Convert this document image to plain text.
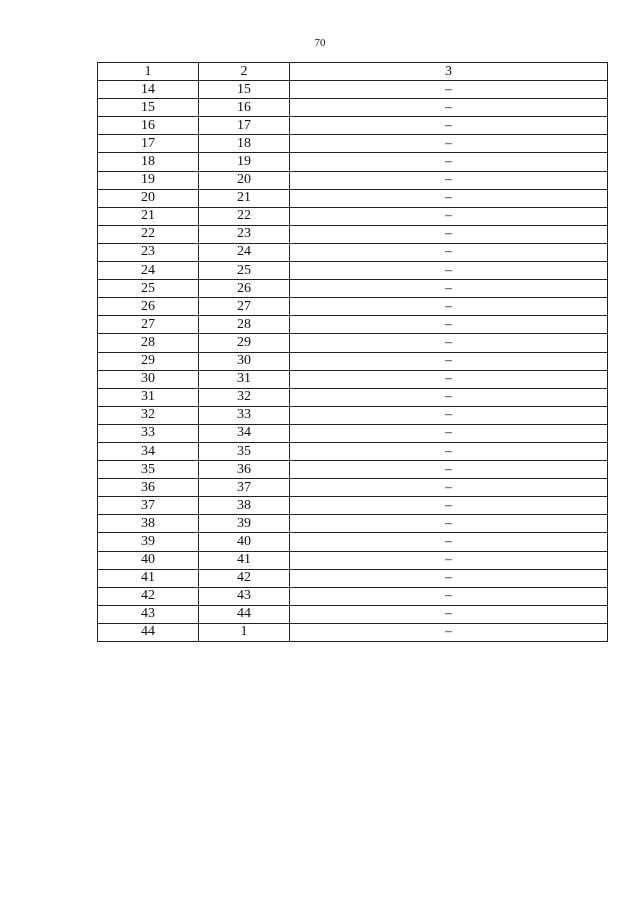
70
1	2	3
14	15	–
15	16	–
16	17	–
17	18	–
18	19	–
19	20	–
20	21	–
21	22	–
22	23	–
23	24	–
24	25	–
25	26	–
26	27	–
27	28	–
28	29	–
29	30	–
30	31	–
31	32	–
32	33	–
33	34	–
34	35	–
35	36	–
36	37	–
37	38	–
38	39	–
39	40	–
40	41	–
41	42	–
42	43	–
43	44	–
44	1	–
